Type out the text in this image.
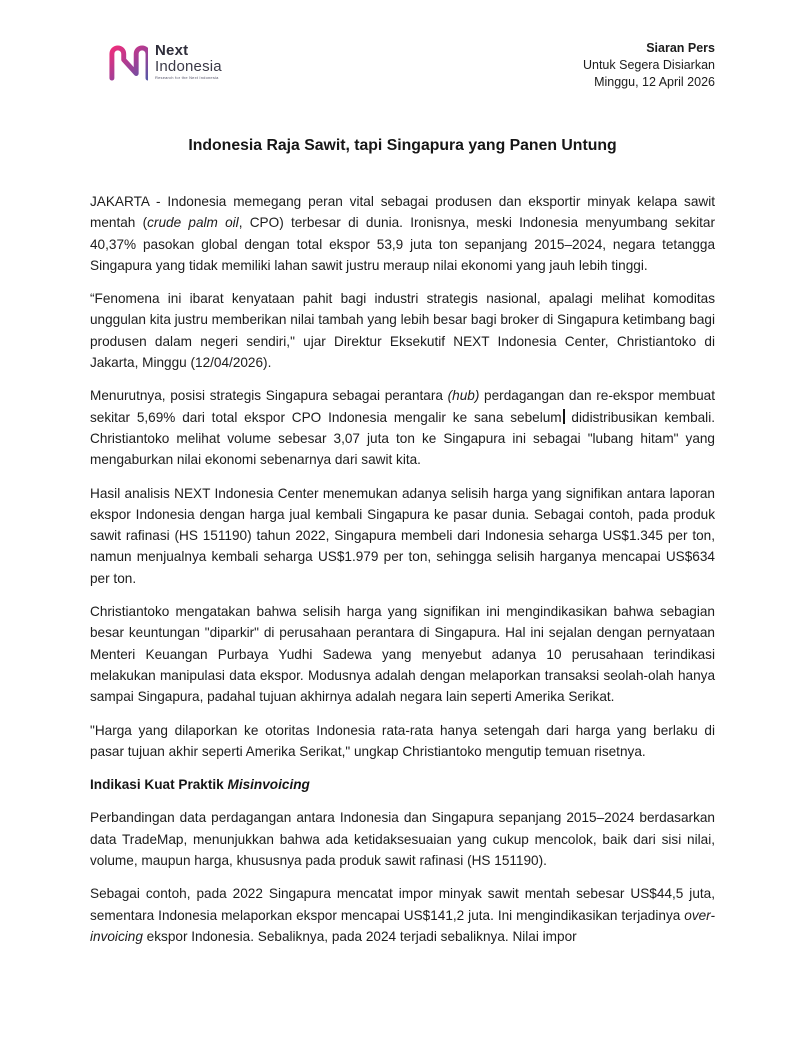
Next
Indonesia
Research for the Next Indonesia
Siaran Pers
Untuk Segera Disiarkan
Minggu, 12 April 2026
Indonesia Raja Sawit, tapi Singapura yang Panen Untung

JAKARTA - Indonesia memegang peran vital sebagai produsen dan eksportir minyak kelapa sawit mentah (crude palm oil, CPO) terbesar di dunia. Ironisnya, meski Indonesia menyumbang sekitar 40,37% pasokan global dengan total ekspor 53,9 juta ton sepanjang 2015–2024, negara tetangga Singapura yang tidak memiliki lahan sawit justru meraup nilai ekonomi yang jauh lebih tinggi.

“Fenomena ini ibarat kenyataan pahit bagi industri strategis nasional, apalagi melihat komoditas unggulan kita justru memberikan nilai tambah yang lebih besar bagi broker di Singapura ketimbang bagi produsen dalam negeri sendiri," ujar Direktur Eksekutif NEXT Indonesia Center, Christiantoko di Jakarta, Minggu (12/04/2026).

Menurutnya, posisi strategis Singapura sebagai perantara (hub) perdagangan dan re-ekspor membuat sekitar 5,69% dari total ekspor CPO Indonesia mengalir ke sana sebelum didistribusikan kembali. Christiantoko melihat volume sebesar 3,07 juta ton ke Singapura ini sebagai "lubang hitam" yang mengaburkan nilai ekonomi sebenarnya dari sawit kita.

Hasil analisis NEXT Indonesia Center menemukan adanya selisih harga yang signifikan antara laporan ekspor Indonesia dengan harga jual kembali Singapura ke pasar dunia. Sebagai contoh, pada produk sawit rafinasi (HS 151190) tahun 2022, Singapura membeli dari Indonesia seharga US$1.345 per ton, namun menjualnya kembali seharga US$1.979 per ton, sehingga selisih harganya mencapai US$634 per ton.

Christiantoko mengatakan bahwa selisih harga yang signifikan ini mengindikasikan bahwa sebagian besar keuntungan "diparkir" di perusahaan perantara di Singapura. Hal ini sejalan dengan pernyataan Menteri Keuangan Purbaya Yudhi Sadewa yang menyebut adanya 10 perusahaan terindikasi melakukan manipulasi data ekspor. Modusnya adalah dengan melaporkan transaksi seolah-olah hanya sampai Singapura, padahal tujuan akhirnya adalah negara lain seperti Amerika Serikat.

"Harga yang dilaporkan ke otoritas Indonesia rata-rata hanya setengah dari harga yang berlaku di pasar tujuan akhir seperti Amerika Serikat," ungkap Christiantoko mengutip temuan risetnya.

Indikasi Kuat Praktik Misinvoicing

Perbandingan data perdagangan antara Indonesia dan Singapura sepanjang 2015–2024 berdasarkan data TradeMap, menunjukkan bahwa ada ketidaksesuaian yang cukup mencolok, baik dari sisi nilai, volume, maupun harga, khususnya pada produk sawit rafinasi (HS 151190).

Sebagai contoh, pada 2022 Singapura mencatat impor minyak sawit mentah sebesar US$44,5 juta, sementara Indonesia melaporkan ekspor mencapai US$141,2 juta. Ini mengindikasikan terjadinya over-invoicing ekspor Indonesia. Sebaliknya, pada 2024 terjadi sebaliknya. Nilai impor
